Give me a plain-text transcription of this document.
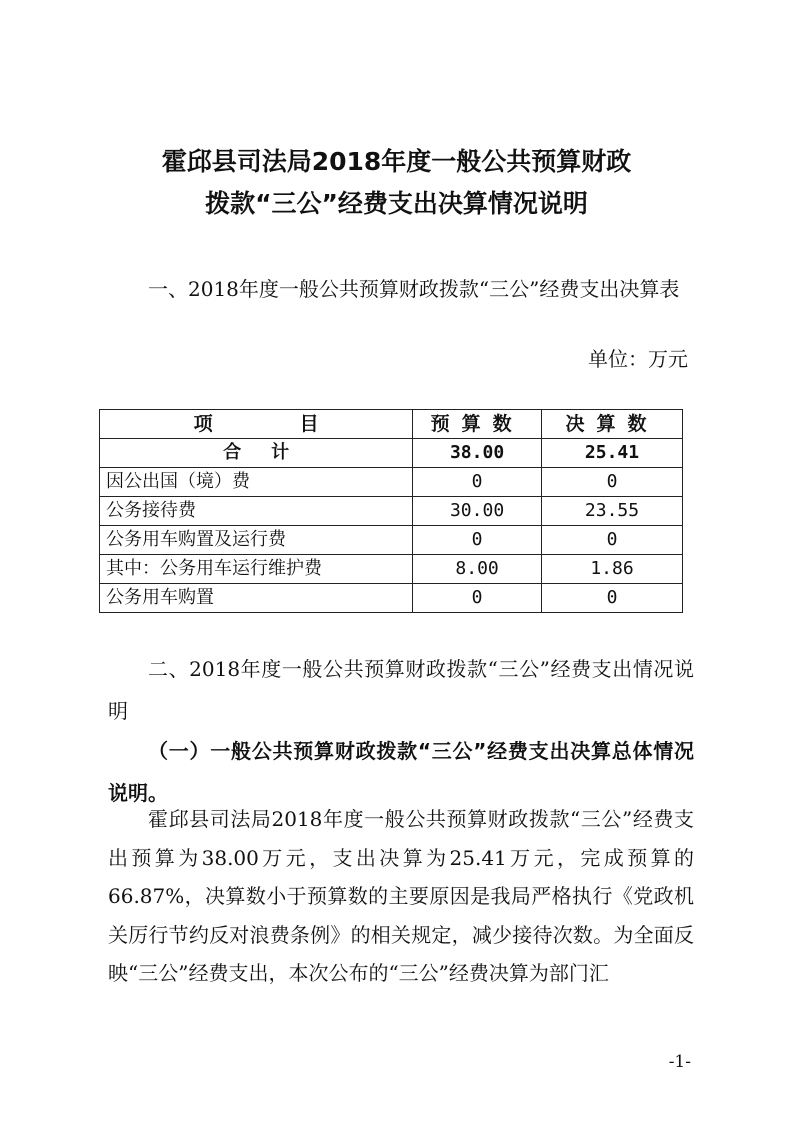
霍邱县司法局2018年度一般公共预算财政
拨款“三公”经费支出决算情况说明

一、2018年度一般公共预算财政拨款“三公”经费支出决算表

单位：万元

项　目	预算数	决算数
合计	38.00	25.41
因公出国（境）费	0	0
公务接待费	30.00	23.55
公务用车购置及运行费	0	0
其中：公务用车运行维护费	8.00	1.86
公务用车购置	0	0

二、2018年度一般公共预算财政拨款“三公”经费支出情况说明

（一）一般公共预算财政拨款“三公”经费支出决算总体情况说明。

霍邱县司法局2018年度一般公共预算财政拨款“三公”经费支出预算为38.00万元，支出决算为25.41万元，完成预算的66.87%，决算数小于预算数的主要原因是我局严格执行《党政机关厉行节约反对浪费条例》的相关规定，减少接待次数。为全面反映“三公”经费支出，本次公布的“三公”经费决算为部门汇

-1-
